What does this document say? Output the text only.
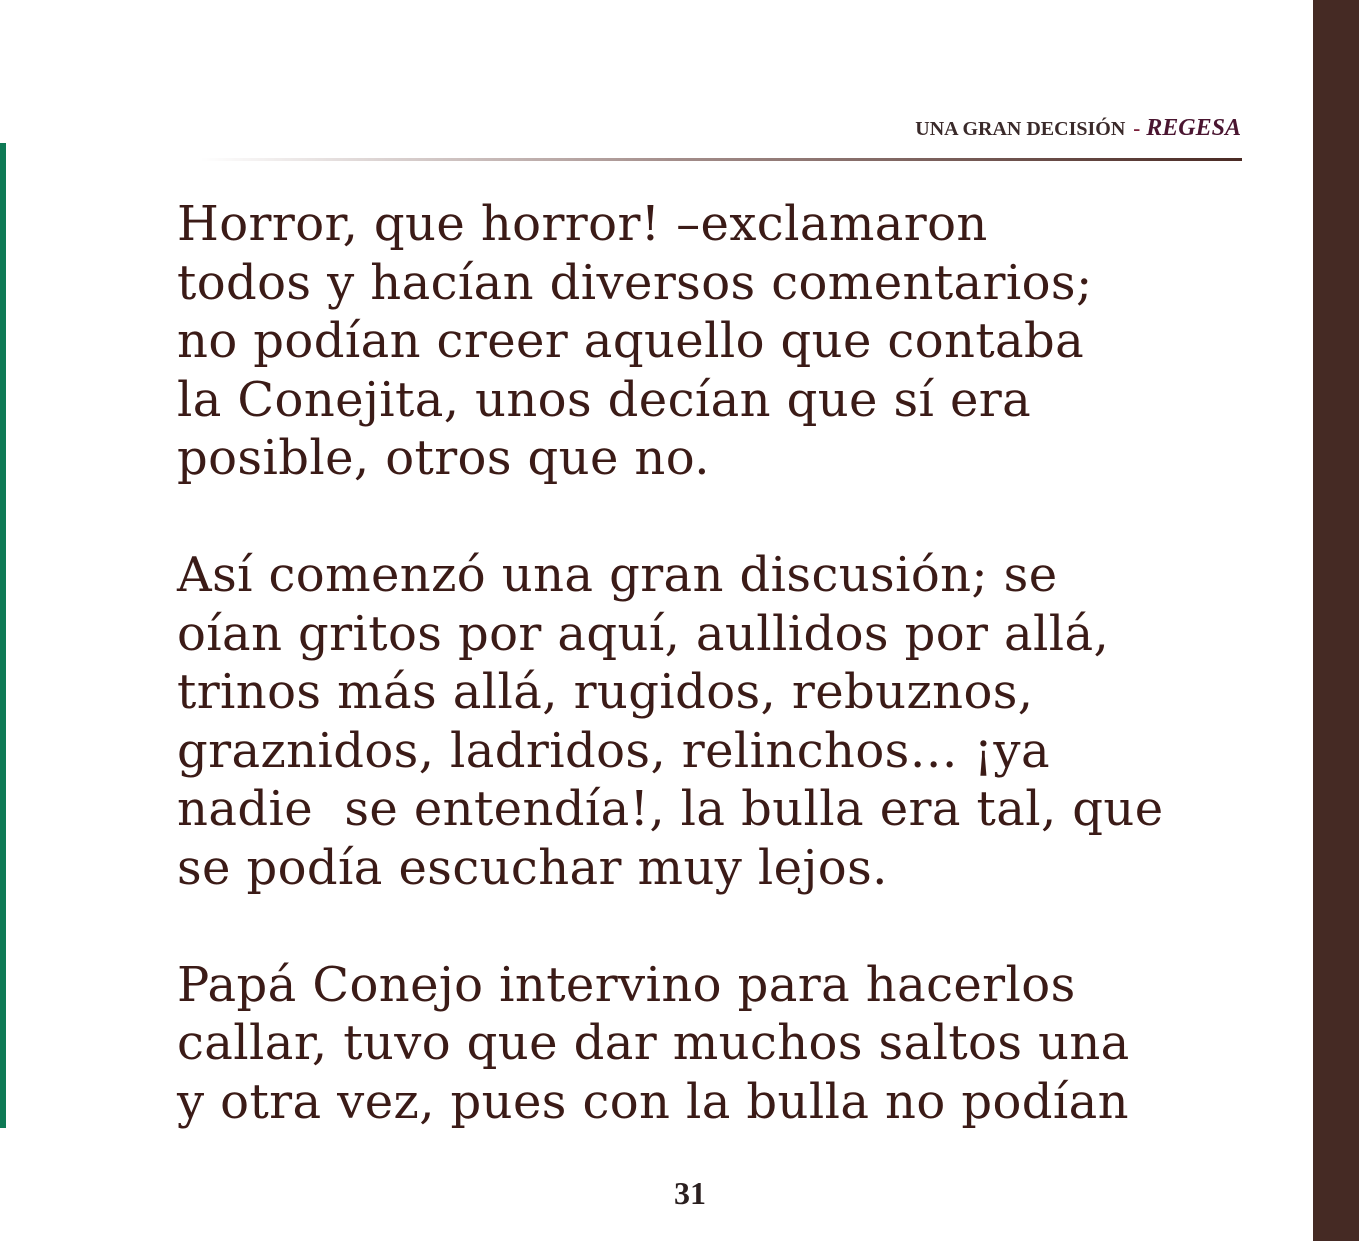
UNA GRAN DECISIÓN - REGESA

Horror, que horror! –exclamaron
todos y hacían diversos comentarios;
no podían creer aquello que contaba
la Conejita, unos decían que sí era
posible, otros que no.

Así comenzó una gran discusión; se
oían gritos por aquí, aullidos por allá,
trinos más allá, rugidos, rebuznos,
graznidos, ladridos, relinchos… ¡ya
nadie  se entendía!, la bulla era tal, que
se podía escuchar muy lejos.

Papá Conejo intervino para hacerlos
callar, tuvo que dar muchos saltos una
y otra vez, pues con la bulla no podían

31
